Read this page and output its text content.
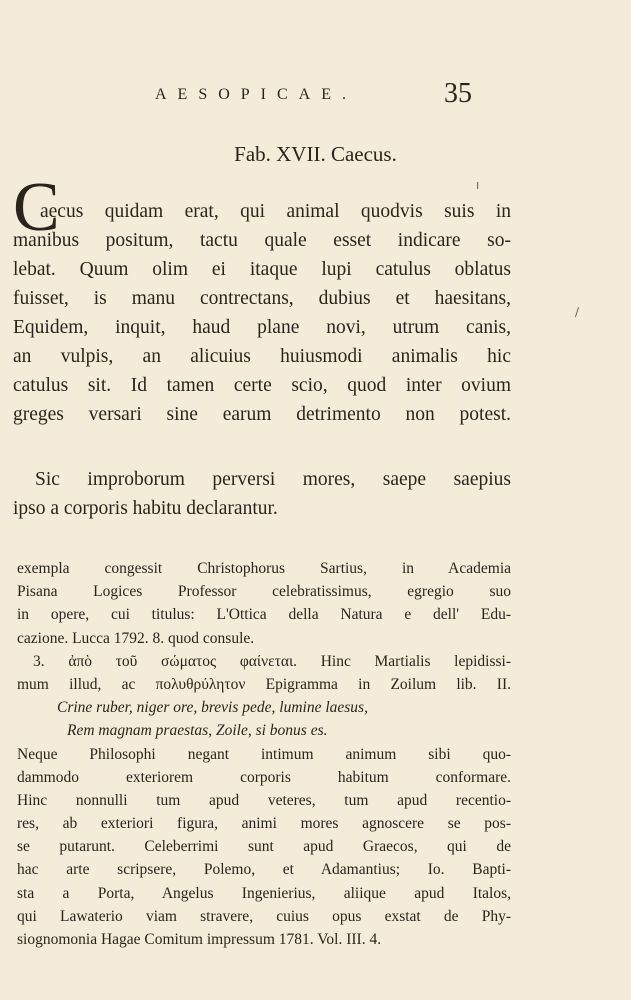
AESOPICAE.	35
Fab. XVII. Caecus.
C	ı
\
aecus quidam erat, qui animal quodvis suis in
manibus positum, tactu quale esset indicare so-
lebat. Quum olim ei itaque lupi catulus oblatus
fuisset, is manu contrectans, dubius et haesitans,
Equidem, inquit, haud plane novi, utrum canis,
an vulpis, an alicuius huiusmodi animalis hic
catulus sit. Id tamen certe scio, quod inter ovium
greges versari sine earum detrimento non potest.
Sic improborum perversi mores, saepe saepius
ipso a corporis habitu declarantur.
exempla congessit Christophorus Sartius, in Academia
Pisana Logices Professor celebratissimus, egregio suo
in opere, cui titulus: L'Ottica della Natura e dell' Edu-
cazione. Lucca 1792. 8. quod consule.
3. ἀπὸ τοῦ σώματος φαίνεται. Hinc Martialis lepidissi-
mum illud, ac πολυθρύλητον Epigramma in Zoilum lib. II.
Crine ruber, niger ore, brevis pede, lumine laesus,
Rem magnam praestas, Zoile, si bonus es.
Neque Philosophi negant intimum animum sibi quo-
dammodo exteriorem corporis habitum conformare.
Hinc nonnulli tum apud veteres, tum apud recentio-
res, ab exteriori figura, animi mores agnoscere se pos-
se putarunt. Celeberrimi sunt apud Graecos, qui de
hac arte scripsere, Polemo, et Adamantius; Io. Bapti-
sta a Porta, Angelus Ingenierius, aliique apud Italos,
qui Lawaterio viam stravere, cuius opus exstat de Phy-
siognomonia Hagae Comitum impressum 1781. Vol. III. 4.
